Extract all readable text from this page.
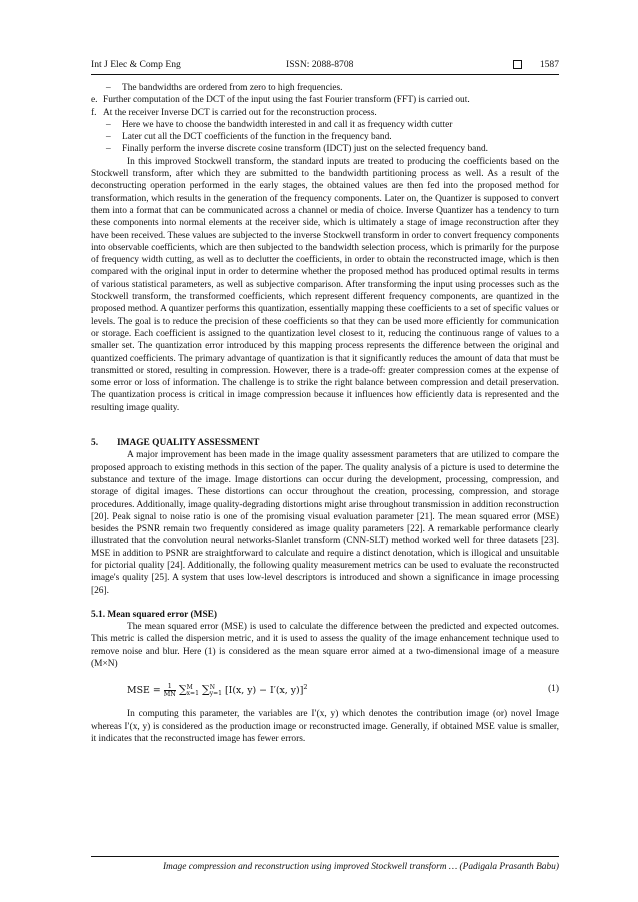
Int J Elec & Comp Eng	ISSN: 2088-8708	1587
– The bandwidths are ordered from zero to high frequencies.
e. Further computation of the DCT of the input using the fast Fourier transform (FFT) is carried out.
f. At the receiver Inverse DCT is carried out for the reconstruction process.
– Here we have to choose the bandwidth interested in and call it as frequency width cutter
– Later cut all the DCT coefficients of the function in the frequency band.
– Finally perform the inverse discrete cosine transform (IDCT) just on the selected frequency band.

In this improved Stockwell transform, the standard inputs are treated to producing the coefficients based on the Stockwell transform, after which they are submitted to the bandwidth partitioning process as well. As a result of the deconstructing operation performed in the early stages, the obtained values are then fed into the proposed method for transformation, which results in the generation of the frequency components. Later on, the Quantizer is supposed to convert them into a format that can be communicated across a channel or media of choice. Inverse Quantizer has a tendency to turn these components into normal elements at the receiver side, which is ultimately a stage of image reconstruction after they have been received. These values are subjected to the inverse Stockwell transform in order to convert frequency components into observable coefficients, which are then subjected to the bandwidth selection process, which is primarily for the purpose of frequency width cutting, as well as to declutter the coefficients, in order to obtain the reconstructed image, which is then compared with the original input in order to determine whether the proposed method has produced optimal results in terms of various statistical parameters, as well as subjective comparison. After transforming the input using processes such as the Stockwell transform, the transformed coefficients, which represent different frequency components, are quantized in the proposed method. A quantizer performs this quantization, essentially mapping these coefficients to a set of specific values or levels. The goal is to reduce the precision of these coefficients so that they can be used more efficiently for communication or storage. Each coefficient is assigned to the quantization level closest to it, reducing the continuous range of values to a smaller set. The quantization error introduced by this mapping process represents the difference between the original and quantized coefficients. The primary advantage of quantization is that it significantly reduces the amount of data that must be transmitted or stored, resulting in compression. However, there is a trade-off: greater compression comes at the expense of some error or loss of information. The challenge is to strike the right balance between compression and detail preservation. The quantization process is critical in image compression because it influences how efficiently data is represented and the resulting image quality.

5. IMAGE QUALITY ASSESSMENT

A major improvement has been made in the image quality assessment parameters that are utilized to compare the proposed approach to existing methods in this section of the paper. The quality analysis of a picture is used to determine the substance and texture of the image. Image distortions can occur during the development, processing, compression, and storage of digital images. These distortions can occur throughout the creation, processing, compression, and storage procedures. Additionally, image quality-degrading distortions might arise throughout transmission in addition reconstruction [20]. Peak signal to noise ratio is one of the promising visual evaluation parameter [21]. The mean squared error (MSE) besides the PSNR remain two frequently considered as image quality parameters [22]. A remarkable performance clearly illustrated that the convolution neural networks-Slanlet transform (CNN-SLT) method worked well for three datasets [23]. MSE in addition to PSNR are straightforward to calculate and require a distinct denotation, which is illogical and unsuitable for pictorial quality [24]. Additionally, the following quality measurement metrics can be used to evaluate the reconstructed image's quality [25]. A system that uses low-level descriptors is introduced and shown a significance in image processing [26].

5.1. Mean squared error (MSE)

The mean squared error (MSE) is used to calculate the difference between the predicted and expected outcomes. This metric is called the dispersion metric, and it is used to assess the quality of the image enhancement technique used to remove noise and blur. Here (1) is considered as the mean square error aimed at a two-dimensional image of a measure (M×N)

MSE = $\frac{1}{MN}$ ∑ M
x=1 ∑ N
y=1 [I(x, y) − I′(x, y)]$^2$	(1)

In computing this parameter, the variables are I′(x, y) which denotes the contribution image (or) novel Image whereas I′(x, y) is considered as the production image or reconstructed image. Generally, if obtained MSE value is smaller, it indicates that the reconstructed image has fewer errors.

Image compression and reconstruction using improved Stockwell transform … (Padigala Prasanth Babu)
